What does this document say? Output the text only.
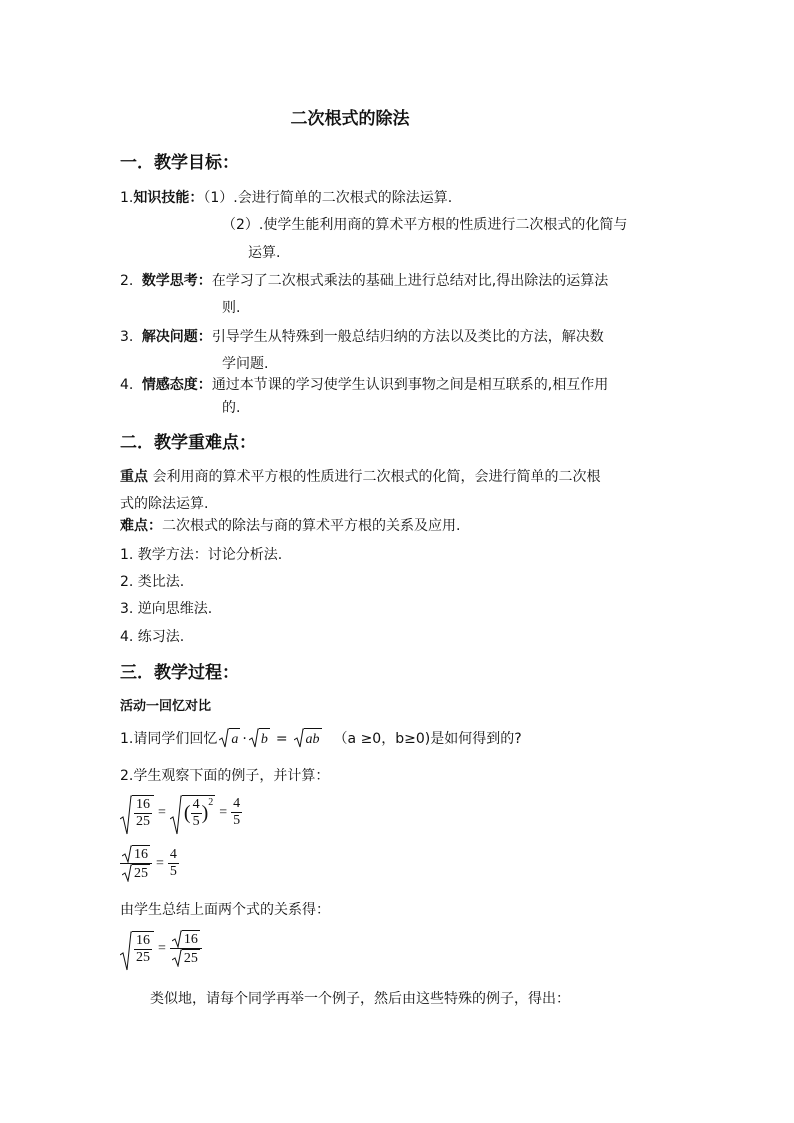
二次根式的除法
一．教学目标：
1.知识技能：（1）.会进行简单的二次根式的除法运算.
（2）.使学生能利用商的算术平方根的性质进行二次根式的化简与
运算.
2. 数学思考：在学习了二次根式乘法的基础上进行总结对比,得出除法的运算法
则.
3. 解决问题：引导学生从特殊到一般总结归纳的方法以及类比的方法，解决数
学问题.
4. 情感态度：通过本节课的学习使学生认识到事物之间是相互联系的,相互作用
的.
二．教学重难点：
重点 会利用商的算术平方根的性质进行二次根式的化简，会进行简单的二次根
式的除法运算.
难点：二次根式的除法与商的算术平方根的关系及应用.
1. 教学方法：讨论分析法.
2. 类比法.
3. 逆向思维法.
4. 练习法.
三．教学过程：
活动一回忆对比
1.请同学们回忆 a · b = ab （a ≥0，b≥0)是如何得到的?
2.学生观察下面的例子，并计算：
$\frac{16}{25}$ = ( $\frac{4}{5} )^2$
= $\frac{4}{5}$
$\frac{16}{25} = \frac{4}{5}$
由学生总结上面两个式的关系得：
$\frac{16}{25} = \frac{16}{25}$
类似地，请每个同学再举一个例子，然后由这些特殊的例子，得出：
